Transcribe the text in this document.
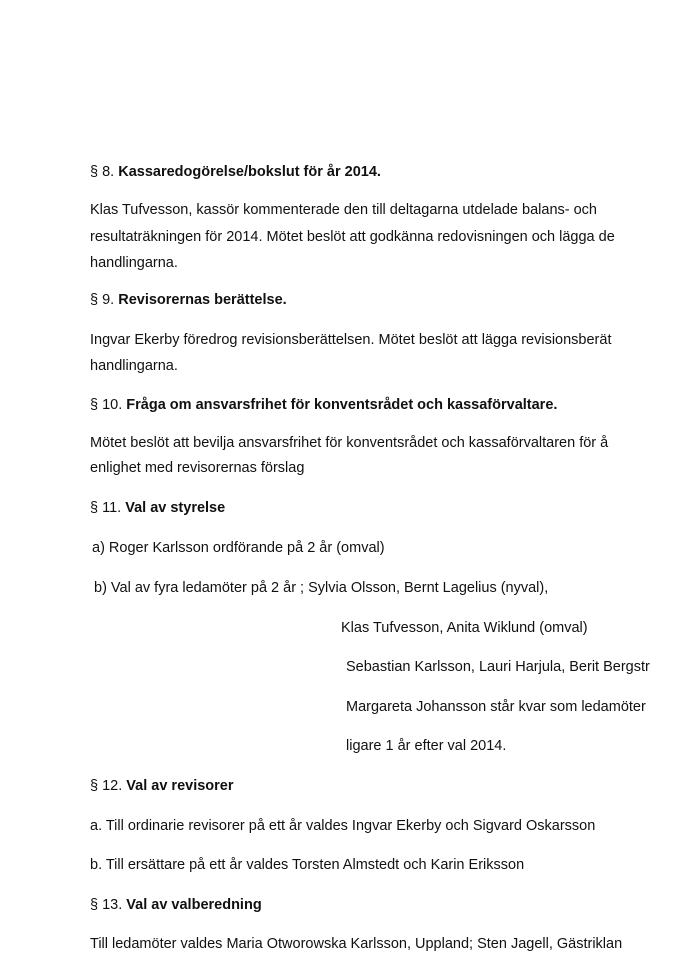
§ 8. Kassaredogörelse/bokslut för år 2014.
Klas Tufvesson, kassör kommenterade den till deltagarna utdelade balans- och
resultaträkningen för 2014. Mötet beslöt att godkänna redovisningen och lägga de
handlingarna.
§ 9. Revisorernas berättelse.
Ingvar Ekerby föredrog revisionsberättelsen. Mötet beslöt att lägga revisionsberät
handlingarna.
§ 10. Fråga om ansvarsfrihet för konventsrådet och kassaförvaltare.
Mötet beslöt att bevilja ansvarsfrihet för konventsrådet och kassaförvaltaren för å
enlighet med revisorernas förslag
§ 11. Val av styrelse
a) Roger Karlsson ordförande på 2 år (omval)
b) Val av fyra ledamöter på 2 år ; Sylvia Olsson, Bernt Lagelius (nyval),
Klas Tufvesson, Anita Wiklund (omval)
Sebastian Karlsson, Lauri Harjula, Berit Bergstr
Margareta Johansson står kvar som ledamöter
ligare 1 år efter val 2014.
§ 12. Val av revisorer
a. Till ordinarie revisorer på ett år valdes Ingvar Ekerby och Sigvard Oskarsson
b. Till ersättare på ett år valdes Torsten Almstedt och Karin Eriksson
§ 13. Val av valberedning
Till ledamöter valdes Maria Otworowska Karlsson, Uppland; Sten Jagell, Gästriklan
